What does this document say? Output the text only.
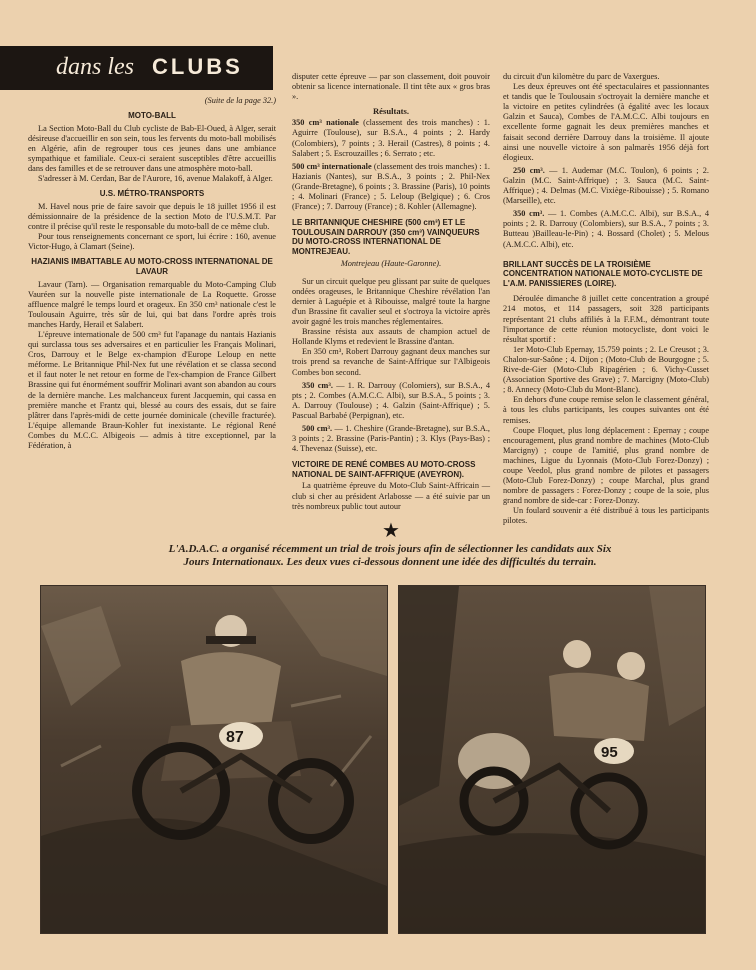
dans les CLUBS
(Suite de la page 32.)
MOTO-BALL

La Section Moto-Ball du Club cycliste de Bab-El-Oued, à Alger, serait désireuse d'accueillir en son sein, tous les fervents du moto-ball mobilisés en Algérie, afin de regrouper tous ces jeunes dans une ambiance sympathique et familiale. Ceux-ci seraient susceptibles d'être accueillis dans des familles et de se retrouver dans une atmosphère moto-ball.

S'adresser à M. Cerdan, Bar de l'Aurore, 16, avenue Malakoff, à Alger.

U.S. MÉTRO-TRANSPORTS

M. Havel nous prie de faire savoir que depuis le 18 juillet 1956 il est démissionnaire de la présidence de la section Moto de l'U.S.M.T. Par contre il précise qu'il reste le responsable du moto-ball de ce même club.

Pour tous renseignements concernant ce sport, lui écrire : 160, avenue Victor-Hugo, à Clamart (Seine).

HAZIANIS IMBATTABLE AU MOTO-CROSS INTERNATIONAL DE LAVAUR

Lavaur (Tarn). — Organisation remarquable du Moto-Camping Club Vauréen sur la nouvelle piste internationale de La Roquette. Grosse affluence malgré le temps lourd et orageux. En 350 cm³ nationale c'est le Toulousain Aguirre, très sûr de lui, qui bat dans l'ordre après trois manches Hardy, Herail et Salabert.

L'épreuve internationale de 500 cm³ fut l'apanage du nantais Hazianis qui surclassa tous ses adversaires et en particulier les Français Molinari, Cros, Darrouy et le Belge ex-champion d'Europe Leloup en nette méforme. Le Britannique Phil-Nex fut une révélation et se classa second et il faut noter le net retour en forme de l'ex-champion de France Gilbert Brassine qui fut énormément souffrir Molinari avant son abandon au cours de la dernière manche. Les malchanceux furent Jacquemin, qui cassa en première manche et Frantz qui, blessé au cours des essais, dut se faire plâtrer dans l'après-midi de cette journée dominicale (cheville fracturée). L'équipe allemande Braun-Kohler fut inexistante. Le régional René Combes du M.C.C. Albigeois — admis à titre exceptionnel, par la Fédération, à

disputer cette épreuve — par son classement, doit pouvoir obtenir sa licence internationale. Il tint tête aux « gros bras ».

Résultats.

350 cm³ nationale (classement des trois manches) : 1. Aguirre (Toulouse), sur B.S.A., 4 points ; 2. Hardy (Colombiers), 7 points ; 3. Herail (Castres), 8 points ; 4. Salabert ; 5. Escrouzailles ; 6. Serrato ; etc.

500 cm³ internationale (classement des trois manches) : 1. Hazianis (Nantes), sur B.S.A., 3 points ; 2. Phil-Nex (Grande-Bretagne), 6 points ; 3. Brassine (Paris), 10 points ; 4. Molinari (France) ; 5. Leloup (Belgique) ; 6. Cros (France) ; 7. Darrouy (France) ; 8. Kohler (Allemagne).

LE BRITANNIQUE CHESHIRE (500 cm³) ET LE TOULOUSAIN DARROUY (350 cm³) VAINQUEURS DU MOTO-CROSS INTERNATIONAL DE MONTREJEAU.
Montrejeau (Haute-Garonne).

Sur un circuit quelque peu glissant par suite de quelques ondées orageuses, le Britannique Cheshire révélation l'an dernier à Laguépie et à Ribouisse, malgré toute la hargne d'un Brassine fit cavalier seul et s'octroya la victoire après avoir gagné les trois manches réglementaires.

Brassine résista aux assauts de champion actuel de Hollande Klyms et redevient le Brassine d'antan.

En 350 cm³, Robert Darrouy gagnant deux manches sur trois prend sa revanche de Saint-Affrique sur l'Albigeois Combes bon second.

350 cm³. — 1. R. Darrouy (Colomiers), sur B.S.A., 4 pts ; 2. Combes (A.M.C.C. Albi), sur B.S.A., 5 points ; 3. A. Darrouy (Toulouse) ; 4. Galzin (Saint-Affrique) ; 5. Pascual Barbabé (Perpignan), etc.

500 cm³. — 1. Cheshire (Grande-Bretagne), sur B.S.A., 3 points ; 2. Brassine (Paris-Pantin) ; 3. Klys (Pays-Bas) ; 4. Thevenaz (Suisse), etc.

VICTOIRE DE RENÉ COMBES AU MOTO-CROSS NATIONAL DE SAINT-AFFRIQUE (AVEYRON).

La quatrième épreuve du Moto-Club Saint-Affricain — club si cher au président Arlabosse — a été suivie par un très nombreux public tout autour

du circuit d'un kilomètre du parc de Vaxergues.

Les deux épreuves ont été spectaculaires et passionnantes et tandis que le Toulousain s'octroyait la dernière manche et la victoire en petites cylindrées (à égalité avec les locaux Galzin et Sauca), Combes de l'A.M.C.C. Albi toujours en excellente forme gagnait les deux premières manches et faisait second derrière Darrouy dans la troisième. Il ajoute ainsi une nouvelle victoire à son palmarès 1956 déjà fort élogieux.

250 cm³. — 1. Audemar (M.C. Toulon), 6 points ; 2. Galzin (M.C. Saint-Affrique) ; 3. Sauca (M.C. Saint-Affrique) ; 4. Delmas (M.C. Vixiège-Ribouisse) ; 5. Romano (Marseille), etc.

350 cm³. — 1. Combes (A.M.C.C. Albi), sur B.S.A., 4 points ; 2. R. Darrouy (Colombiers), sur B.S.A., 7 points ; 3. Butteau )Bailleau-le-Pin) ; 4. Bossard (Cholet) ; 5. Melous (A.M.C.C. Albi), etc.

BRILLANT SUCCÈS DE LA TROISIÈME CONCENTRATION NATIONALE MOTO-CYCLISTE DE L'A.M. PANISSIERES (LOIRE).

Déroulée dimanche 8 juillet cette concentration a groupé 214 motos, et 114 passagers, soit 328 participants représentant 21 clubs affiliés à la F.F.M., démontrant toute l'importance de cette réunion motocycliste, dont voici le résultat sportif :

1er Moto-Club Epernay, 15.759 points ; 2. Le Creusot ; 3. Chalon-sur-Saône ; 4. Dijon ; (Moto-Club de Bourgogne ; 5. Rive-de-Gier (Moto-Club Ripagérien ; 6. Vichy-Cusset (Association Sportive des Grave) ; 7. Marcigny (Moto-Club) ; 8. Annecy (Moto-Club du Mont-Blanc).

En dehors d'une coupe remise selon le classement général, à tous les clubs participants, les coupes suivantes ont été remises.

Coupe Floquet, plus long déplacement : Epernay ; coupe encouragement, plus grand nombre de machines (Moto-Club Marcigny) ; coupe de l'amitié, plus grand nombre de machines, Ligue du Lyonnais (Moto-Club Forez-Donzy) ; coupe Veedol, plus grand nombre de pilotes et passagers (Moto-Club Forez-Donzy) ; coupe Marchal, plus grand nombre de passagers : Forez-Donzy ; coupe de la soie, plus grand nombre de side-car : Forez-Donzy.

Un foulard souvenir a été distribué à tous les participants pilotes.

★
L'A.D.A.C. a organisé récemment un trial de trois jours afin de sélectionner les candidats aux Six Jours Internationaux. Les deux vues ci-dessous donnent une idée des difficultés du terrain.
87
95
